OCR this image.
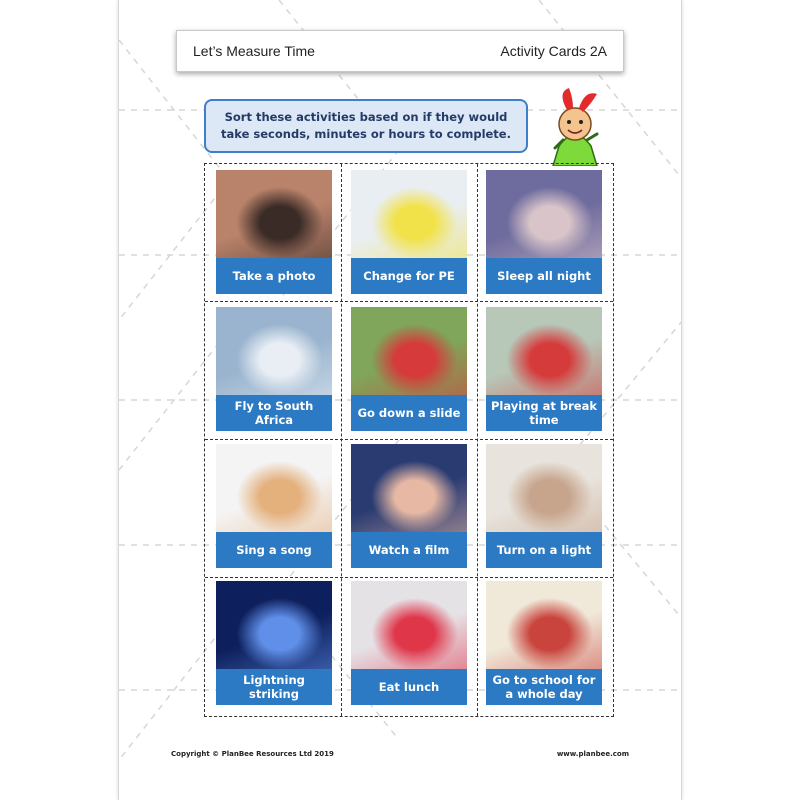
Let’s Measure Time	Activity Cards 2A
Sort these activities based on if they would take seconds, minutes or hours to complete.
Take a photo	Change for PE	Sleep all night
Fly to South Africa	Go down a slide	Playing at break time
Sing a song	Watch a film	Turn on a light
Lightning striking	Eat lunch	Go to school for a whole day
Copyright © PlanBee Resources Ltd 2019	www.planbee.com
